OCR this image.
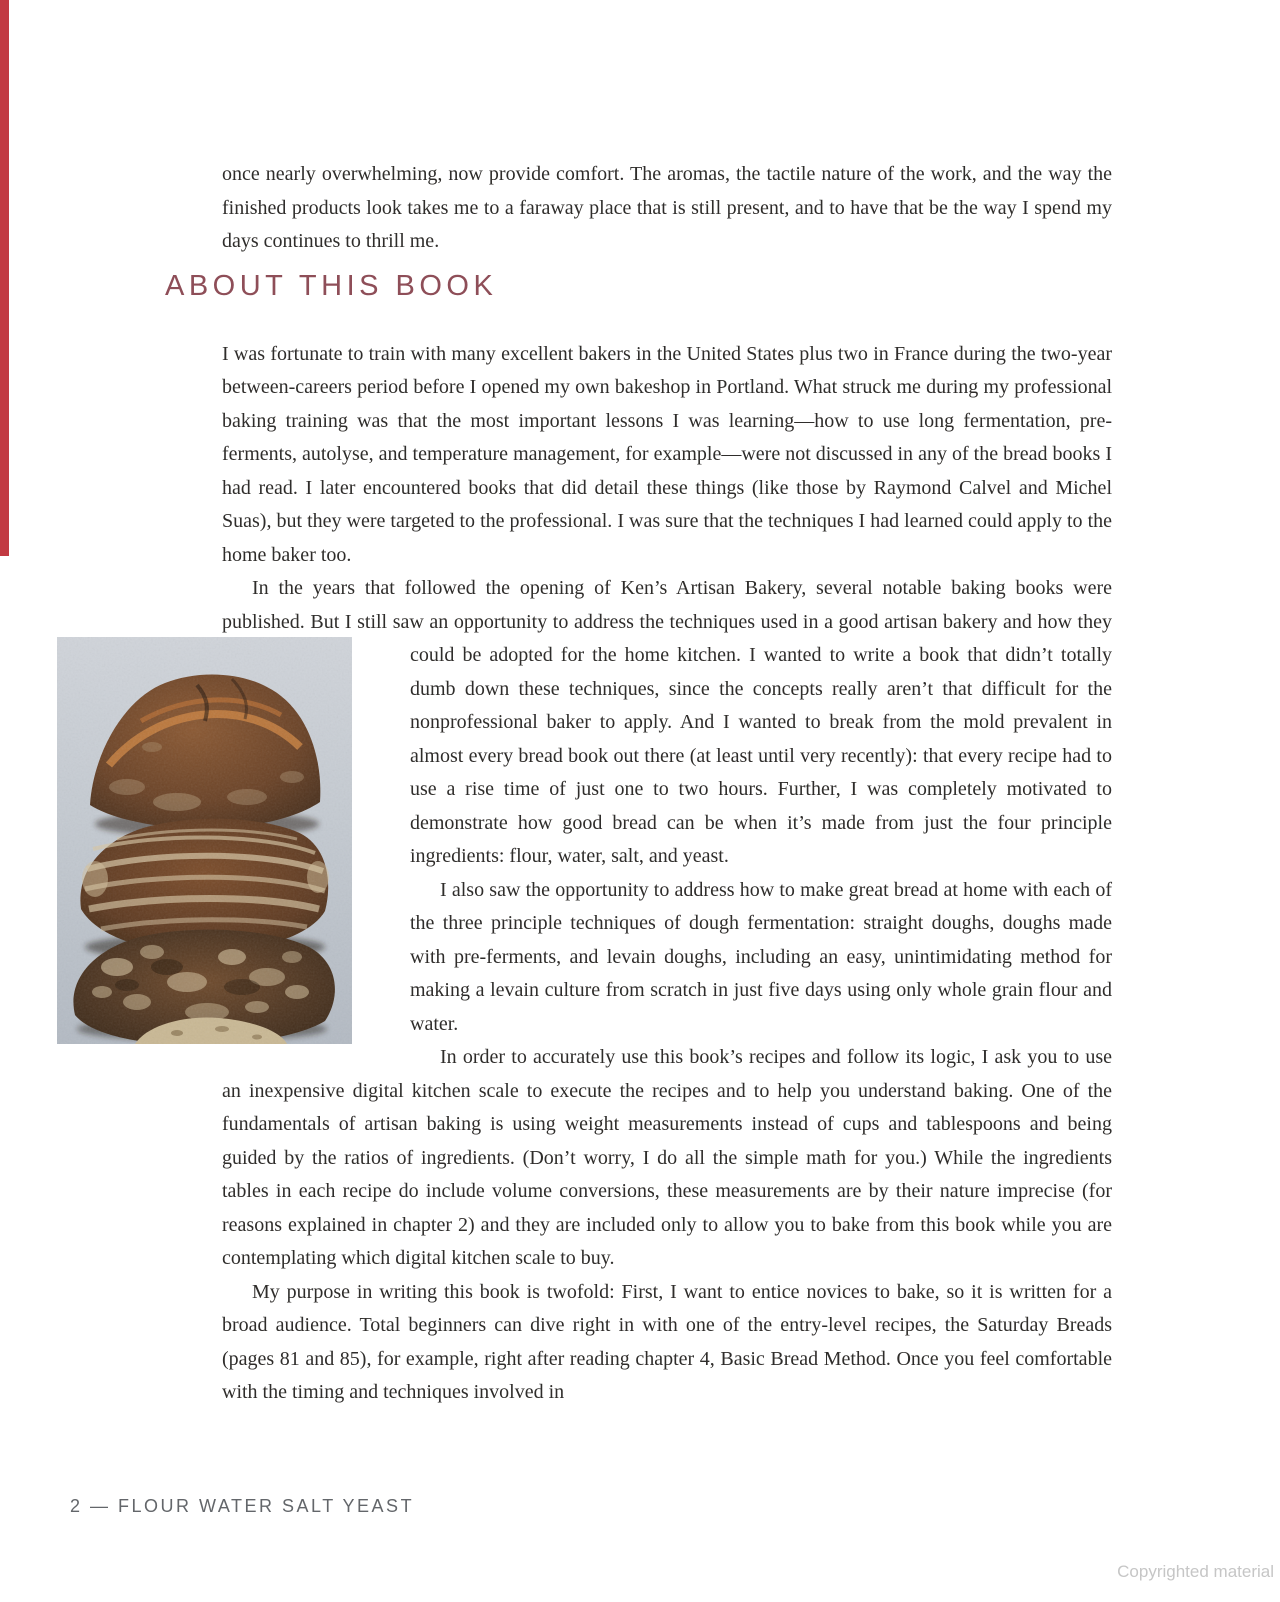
once nearly overwhelming, now provide comfort. The aromas, the tactile nature of the work, and the way the finished products look takes me to a faraway place that is still present, and to have that be the way I spend my days continues to thrill me.

ABOUT THIS BOOK

I was fortunate to train with many excellent bakers in the United States plus two in France during the two-year between-careers period before I opened my own bakeshop in Portland. What struck me during my professional baking training was that the most important lessons I was learning—how to use long fermentation, pre-ferments, autolyse, and temperature management, for example—were not discussed in any of the bread books I had read. I later encountered books that did detail these things (like those by Raymond Calvel and Michel Suas), but they were targeted to the professional. I was sure that the techniques I had learned could apply to the home baker too.

In the years that followed the opening of Ken’s Artisan Bakery, several notable baking books were published. But I still saw an opportunity to address the techniques used in a good artisan bakery and how they could be adopted for the home kitchen. I wanted to write a book
that didn’t totally dumb down these techniques, since the concepts really aren’t that difficult for the nonprofessional baker to apply. And I wanted to break from the mold prevalent in almost every bread book out there (at least until very recently): that every recipe had to use a rise time of just one to two hours. Further, I was completely motivated to demonstrate how good bread can be when it’s made from just the four principle ingredients: flour, water, salt, and yeast.

I also saw the opportunity to address how to make great bread at home with each of the three principle techniques of dough fermentation: straight doughs, doughs made with pre-ferments, and levain doughs, including an easy, unintimidating method for making a levain culture from scratch in just five days using only whole grain flour and water.

In order to accurately use this book’s recipes and follow its logic, I ask you to use an inexpensive digital kitchen scale to execute the recipes and to help you understand baking. One of the fundamentals of artisan baking is using weight measurements instead of cups and tablespoons and being guided by the ratios of ingredients. (Don’t worry, I do all the simple math for you.) While the ingredients tables in each recipe do include volume conversions, these measurements are by their nature imprecise (for reasons explained in chapter 2) and they are included only to allow you to bake from this book while you are contemplating which digital kitchen scale to buy.

My purpose in writing this book is twofold: First, I want to entice novices to bake, so it is written for a broad audience. Total beginners can dive right in with one of the entry-level recipes, the Saturday Breads (pages 81 and 85), for example, right after reading chapter 4, Basic Bread Method. Once you feel comfortable with the timing and techniques involved in

2 — FLOUR WATER SALT YEAST
Copyrighted material
